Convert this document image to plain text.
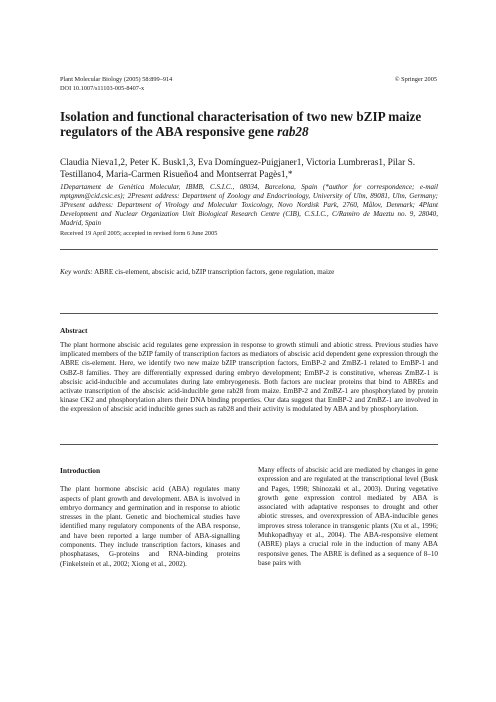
Plant Molecular Biology (2005) 58:899–914
DOI 10.1007/s11103-005-8407-x
© Springer 2005
Isolation and functional characterisation of two new bZIP maize regulators of the ABA responsive gene rab28
Claudia Nieva1,2, Peter K. Busk1,3, Eva Domínguez-Puigjaner1, Victoria Lumbreras1, Pilar S. Testillano4, Maria-Carmen Risueño4 and Montserrat Pagès1,*
1Departament de Genètica Molecular, IBMB, C.S.I.C., 08034, Barcelona, Spain (*author for correspondence; e-mail mptgmm@cid.csic.es); 2Present address: Department of Zoology and Endocrinology, University of Ulm, 89081, Ulm, Germany; 3Present address: Department of Virology and Molecular Toxicology, Novo Nordisk Park, 2760, Målov, Denmark; 4Plant Development and Nuclear Organization Unit Biological Research Centre (CIB), C.S.I.C., C/Ramiro de Maeztu no. 9, 28040, Madrid, Spain
Received 19 April 2005; accepted in revised form 6 June 2005
Key words: ABRE cis-element, abscisic acid, bZIP transcription factors, gene regulation, maize
Abstract
The plant hormone abscisic acid regulates gene expression in response to growth stimuli and abiotic stress. Previous studies have implicated members of the bZIP family of transcription factors as mediators of abscisic acid dependent gene expression through the ABRE cis-element. Here, we identify two new maize bZIP transcription factors, EmBP-2 and ZmBZ-1 related to EmBP-1 and OsBZ-8 families. They are differentially expressed during embryo development; EmBP-2 is constitutive, whereas ZmBZ-1 is abscisic acid-inducible and accumulates during late embryogenesis. Both factors are nuclear proteins that bind to ABREs and activate transcription of the abscisic acid-inducible gene rab28 from maize. EmBP-2 and ZmBZ-1 are phosphorylated by protein kinase CK2 and phosphorylation alters their DNA binding properties. Our data suggest that EmBP-2 and ZmBZ-1 are involved in the expression of abscisic acid inducible genes such as rab28 and their activity is modulated by ABA and by phosphorylation.
Introduction

The plant hormone abscisic acid (ABA) regulates many aspects of plant growth and development. ABA is involved in embryo dormancy and germination and in response to abiotic stresses in the plant. Genetic and biochemical studies have identified many regulatory components of the ABA response, and have been reported a large number of ABA-signalling components. They include transcription factors, kinases and phosphatases, G-proteins and RNA-binding proteins (Finkelstein et al., 2002; Xiong et al., 2002).

Many effects of abscisic acid are mediated by changes in gene expression and are regulated at the transcriptional level (Busk and Pages, 1998; Shinozaki et al., 2003). During vegetative growth gene expression control mediated by ABA is associated with adaptative responses to drought and other abiotic stresses, and overexpression of ABA-inducible genes improves stress tolerance in transgenic plants (Xu et al., 1996; Muhkopadhyay et al., 2004). The ABA-responsive element (ABRE) plays a crucial role in the induction of many ABA responsive genes. The ABRE is defined as a sequence of 8–10 base pairs with
